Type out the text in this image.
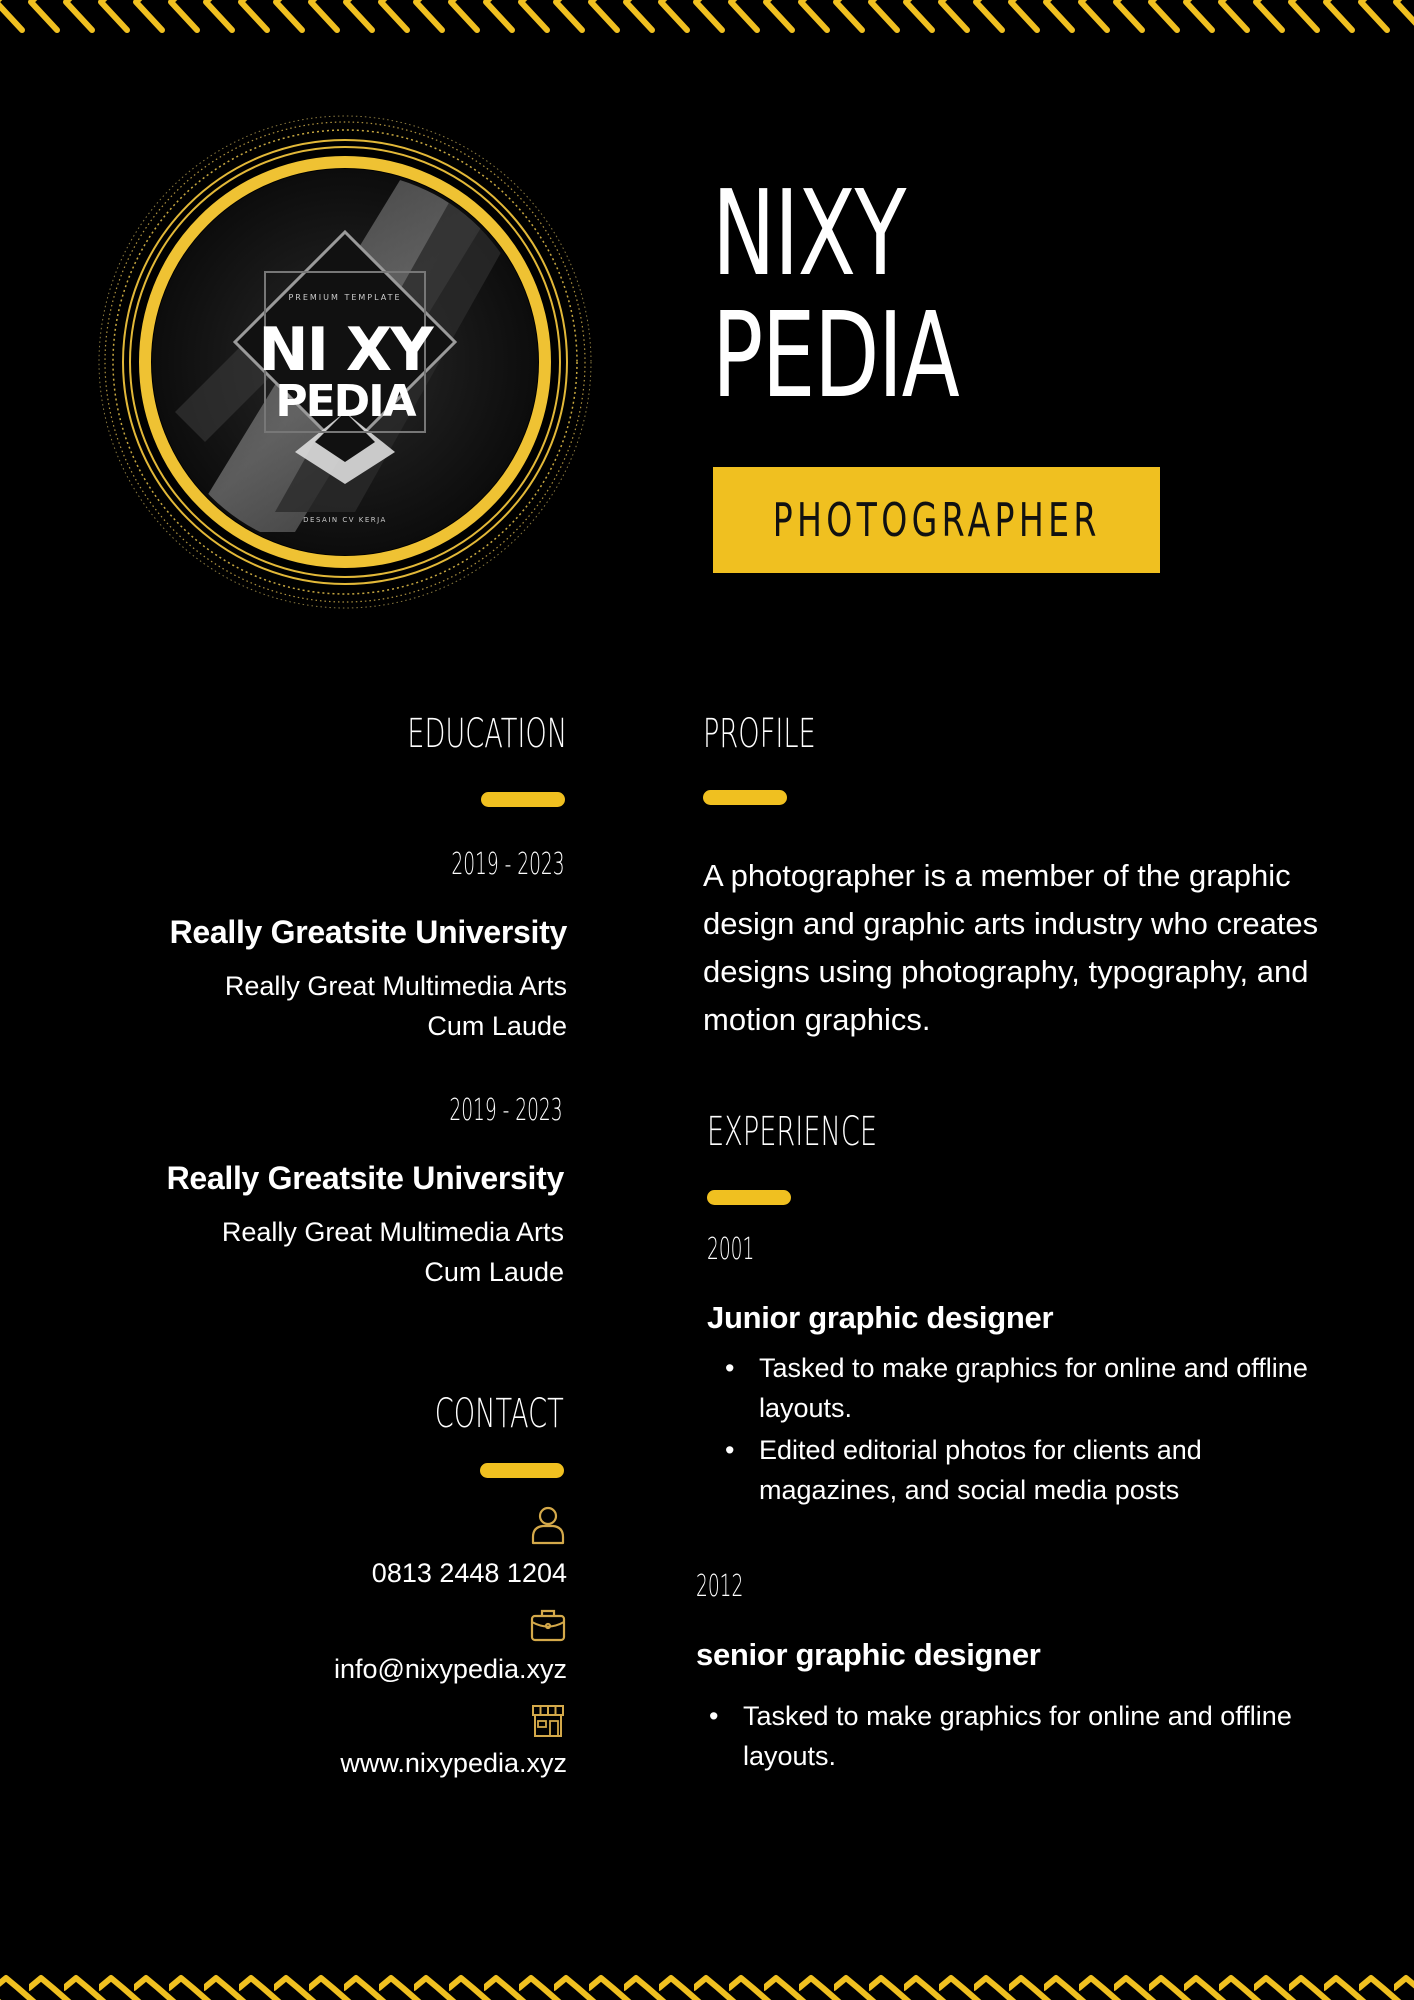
PREMIUM TEMPLATE
NI XY
PEDIA
DESAIN CV KERJA
NIXY
PEDIA
PHOTOGRAPHER
EDUCATION
2019 - 2023
Really Greatsite University
Really Great Multimedia Arts
Cum Laude
2019 - 2023
Really Greatsite University
Really Great Multimedia Arts
Cum Laude
CONTACT
0813 2448 1204
info@nixypedia.xyz
www.nixypedia.xyz
PROFILE
A photographer is a member of the graphic design and graphic arts industry who creates designs using photography, typography, and motion graphics.
EXPERIENCE
2001
Junior graphic designer
• Tasked to make graphics for online and offline layouts.
• Edited editorial photos for clients and magazines, and social media posts
2012
senior graphic designer
• Tasked to make graphics for online and offline layouts.
